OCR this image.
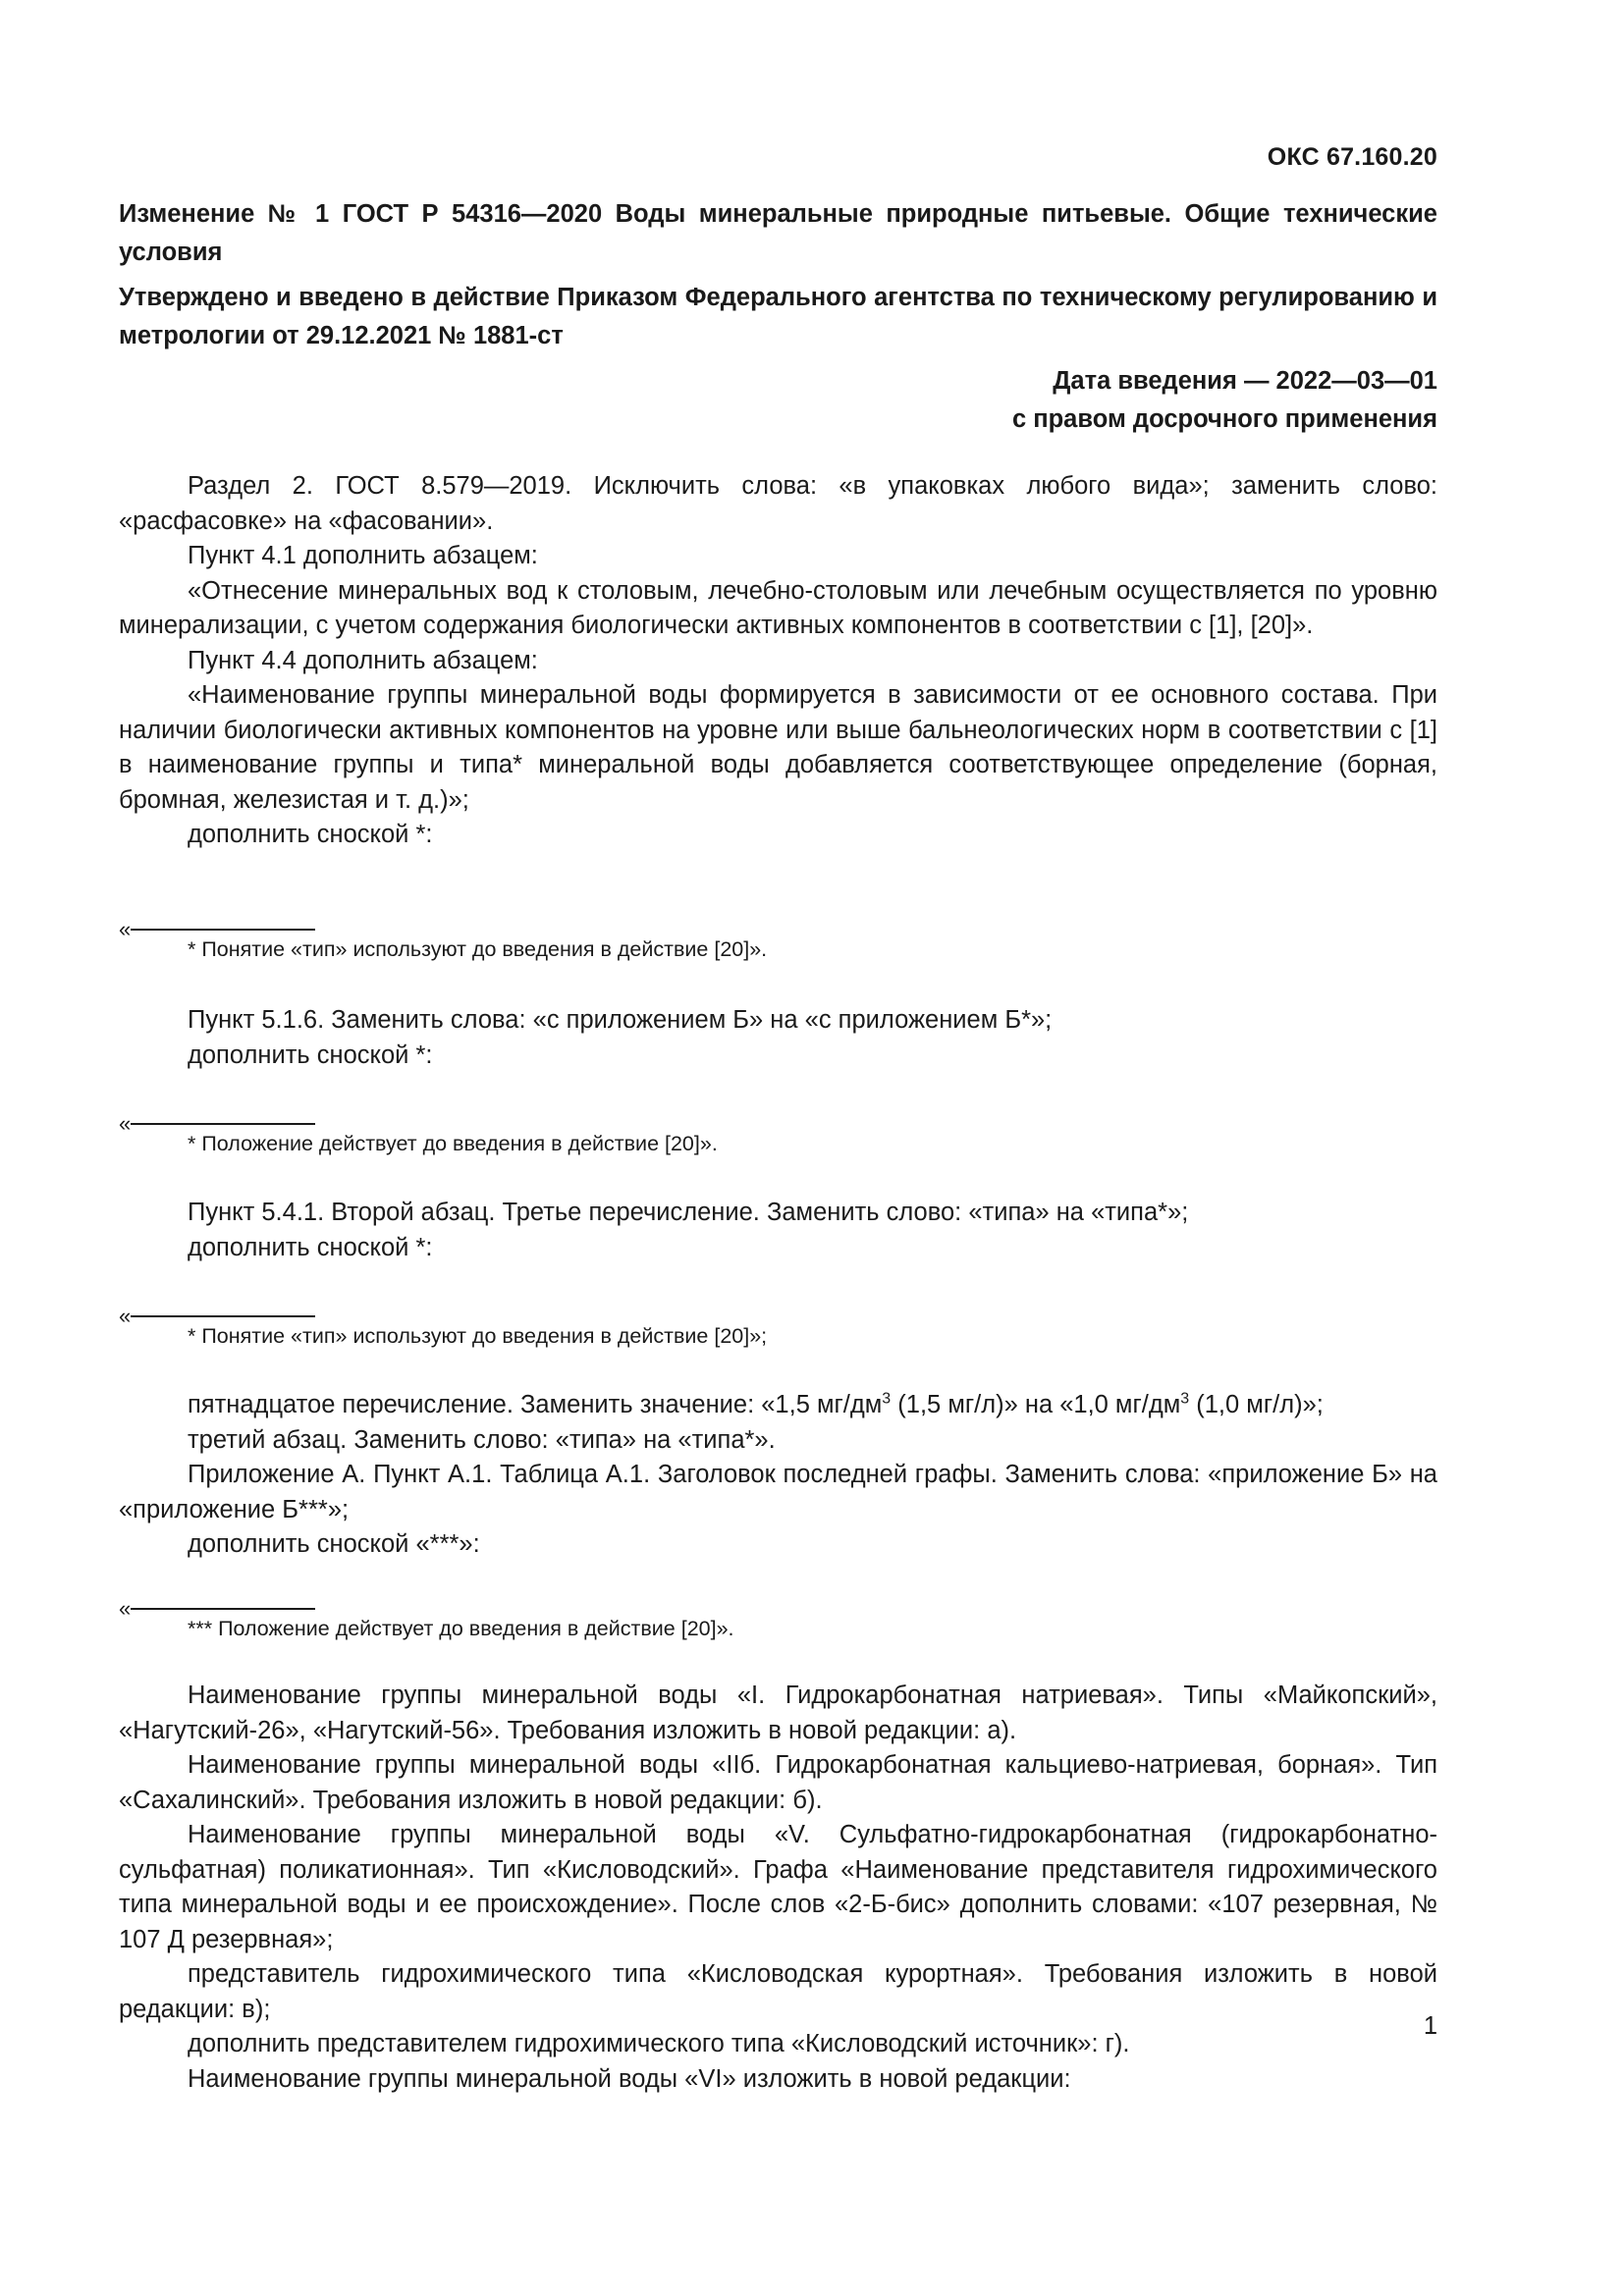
ОКС 67.160.20
Изменение № 1 ГОСТ Р 54316—2020 Воды минеральные природные питьевые. Общие технические условия
Утверждено и введено в действие Приказом Федерального агентства по техническому регулированию и метрологии от 29.12.2021 № 1881-ст
Дата введения — 2022—03—01
с правом досрочного применения

Раздел 2. ГОСТ 8.579—2019. Исключить слова: «в упаковках любого вида»; заменить слово: «расфасовке» на «фасовании».

Пункт 4.1 дополнить абзацем:

«Отнесение минеральных вод к столовым, лечебно-столовым или лечебным осуществляется по уровню минерализации, с учетом содержания биологически активных компонентов в соответствии с [1], [20]».

Пункт 4.4 дополнить абзацем:

«Наименование группы минеральной воды формируется в зависимости от ее основного состава. При наличии биологически активных компонентов на уровне или выше бальнеологических норм в соответствии с [1] в наименование группы и типа* минеральной воды добавляется соответствующее определение (борная, бромная, железистая и т. д.)»;

дополнить сноской *:

«
* Понятие «тип» используют до введения в действие [20]».

Пункт 5.1.6. Заменить слова: «с приложением Б» на «с приложением Б*»;

дополнить сноской *:

«
* Положение действует до введения в действие [20]».

Пункт 5.4.1. Второй абзац. Третье перечисление. Заменить слово: «типа» на «типа*»;

дополнить сноской *:

«
* Понятие «тип» используют до введения в действие [20]»;

пятнадцатое перечисление. Заменить значение: «1,5 $мг/дм^3$ (1,5 мг/л)» на «1,0 $мг/дм^3$ (1,0 мг/л)»;

третий абзац. Заменить слово: «типа» на «типа*».

Приложение А. Пункт А.1. Таблица А.1. Заголовок последней графы. Заменить слова: «приложение Б» на «приложение Б***»;

дополнить сноской «***»:

«
*** Положение действует до введения в действие [20]».

Наименование группы минеральной воды «I. Гидрокарбонатная натриевая». Типы «Майкопский», «Нагутский-26», «Нагутский-56». Требования изложить в новой редакции: а).

Наименование группы минеральной воды «IIб. Гидрокарбонатная кальциево-натриевая, борная». Тип «Сахалинский». Требования изложить в новой редакции: б).

Наименование группы минеральной воды «V. Сульфатно-гидрокарбонатная (гидрокарбонатно-сульфатная) поликатионная». Тип «Кисловодский». Графа «Наименование представителя гидрохимического типа минеральной воды и ее происхождение». После слов «2-Б-бис» дополнить словами: «107 резервная, № 107 Д резервная»;

представитель гидрохимического типа «Кисловодская курортная». Требования изложить в новой редакции: в);

дополнить представителем гидрохимического типа «Кисловодский источник»: г).

Наименование группы минеральной воды «VI» изложить в новой редакции:

1
